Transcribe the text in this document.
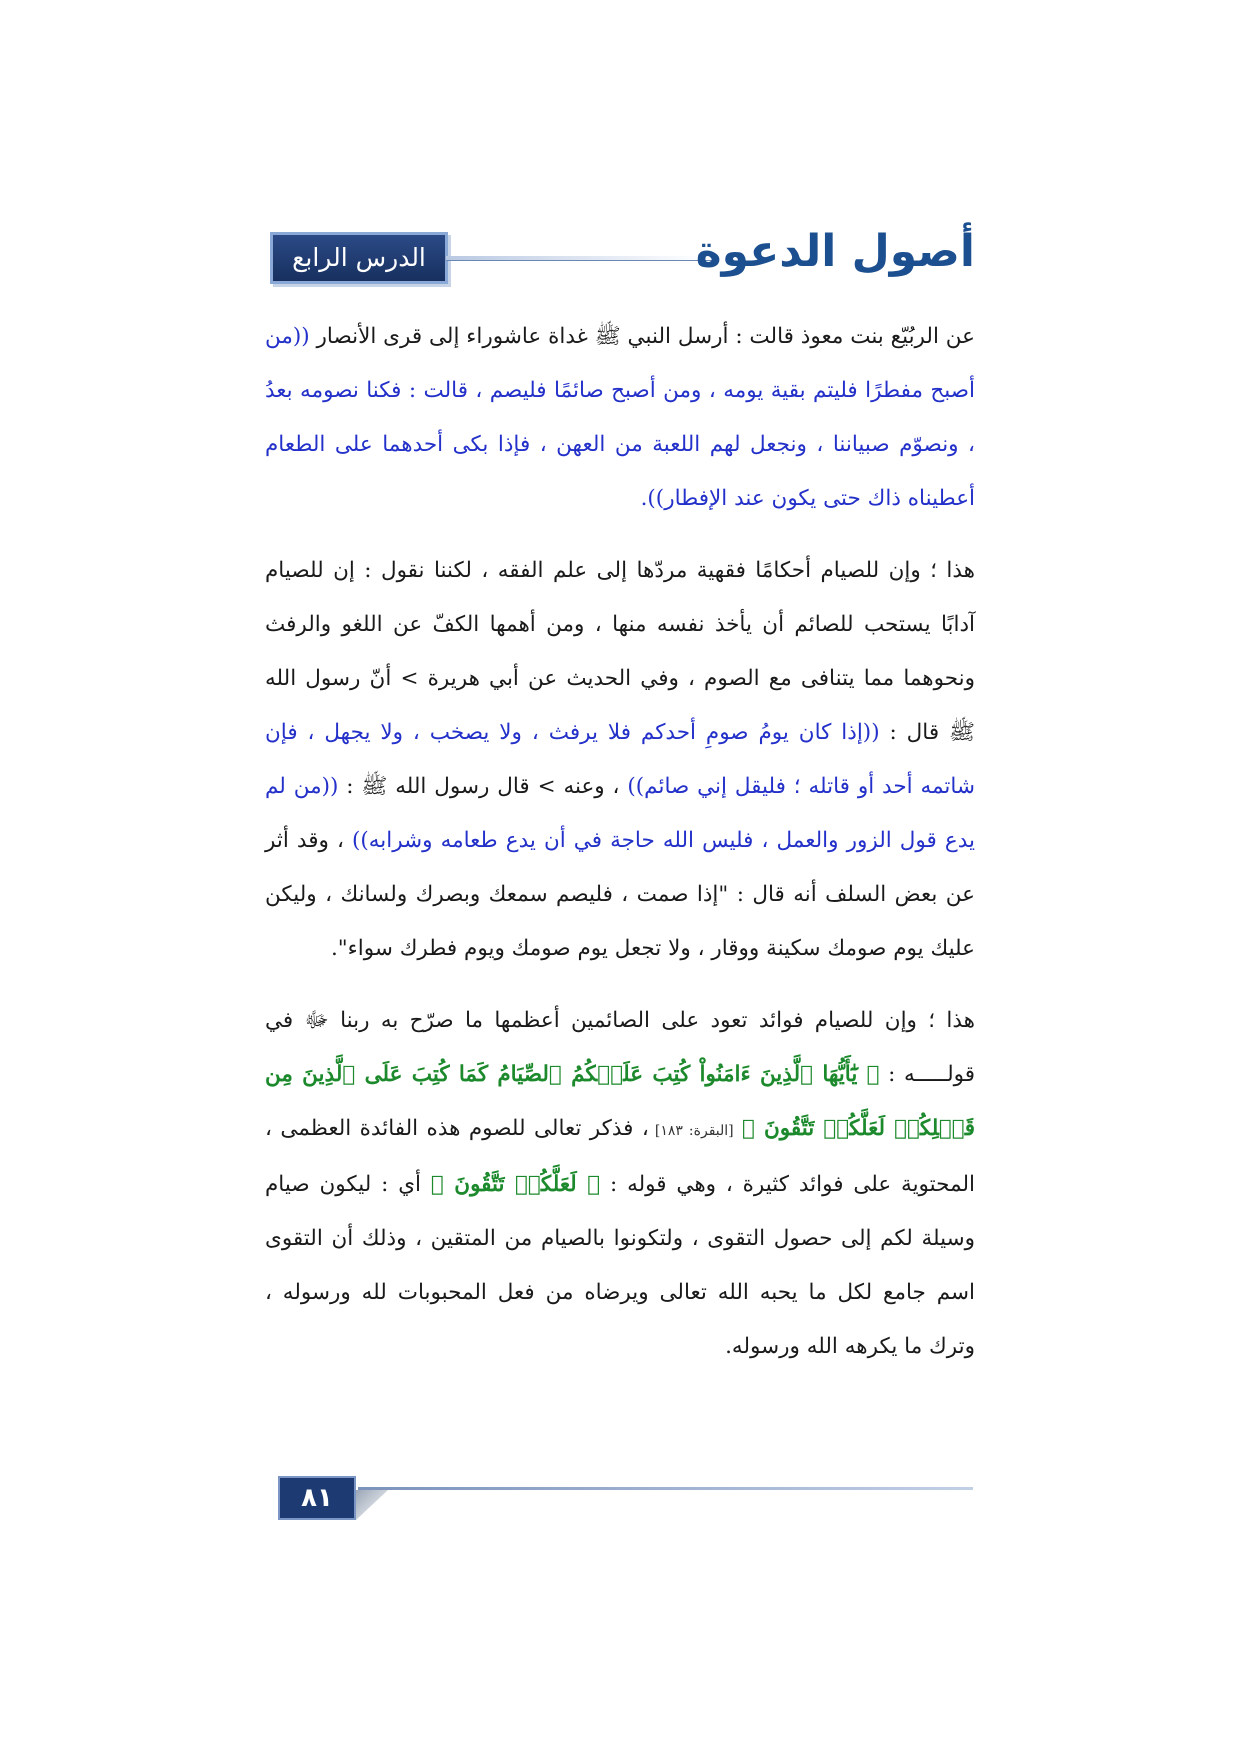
الدرس الرابع	أصول الدعوة

عن الربُيّع بنت معوذ قالت : أرسل النبي ﷺ غداة عاشوراء إلى قرى الأنصار ((من أصبح مفطرًا فليتم بقية يومه ، ومن أصبح صائمًا فليصم ، قالت : فكنا نصومه بعدُ ، ونصوّم صبياننا ، ونجعل لهم اللعبة من العهن ، فإذا بكى أحدهما على الطعام أعطيناه ذاك حتى يكون عند الإفطار)).

هذا ؛ وإن للصيام أحكامًا فقهية مردّها إلى علم الفقه ، لكننا نقول : إن للصيام آدابًا يستحب للصائم أن يأخذ نفسه منها ، ومن أهمها الكفّ عن اللغو والرفث ونحوهما مما يتنافى مع الصوم ، وفي الحديث عن أبي هريرة > أنّ رسول الله ﷺ قال : ((إذا كان يومُ صومِ أحدكم فلا يرفث ، ولا يصخب ، ولا يجهل ، فإن شاتمه أحد أو قاتله ؛ فليقل إني صائم)) ، وعنه > قال رسول الله ﷺ : ((من لم يدع قول الزور والعمل ، فليس الله حاجة في أن يدع طعامه وشرابه)) ، وقد أثر عن بعض السلف أنه قال : "إذا صمت ، فليصم سمعك وبصرك ولسانك ، وليكن عليك يوم صومك سكينة ووقار ، ولا تجعل يوم صومك ويوم فطرك سواء".

هذا ؛ وإن للصيام فوائد تعود على الصائمين أعظمها ما صرّح به ربنا ﷻ في قولـــــه : ﴿ يَٰٓأَيُّهَا ٱلَّذِينَ ءَامَنُواْ كُتِبَ عَلَيۡكُمُ ٱلصِّيَامُ كَمَا كُتِبَ عَلَى ٱلَّذِينَ مِن قَبۡلِكُمۡ لَعَلَّكُمۡ تَتَّقُونَ ﴾ [البقرة: ١٨٣] ، فذكر تعالى للصوم هذه الفائدة العظمى ، المحتوية على فوائد كثيرة ، وهي قوله : ﴿ لَعَلَّكُمۡ تَتَّقُونَ ﴾ أي : ليكون صيام وسيلة لكم إلى حصول التقوى ، ولتكونوا بالصيام من المتقين ، وذلك أن التقوى اسم جامع لكل ما يحبه الله تعالى ويرضاه من فعل المحبوبات لله ورسوله ، وترك ما يكرهه الله ورسوله.

٨١
